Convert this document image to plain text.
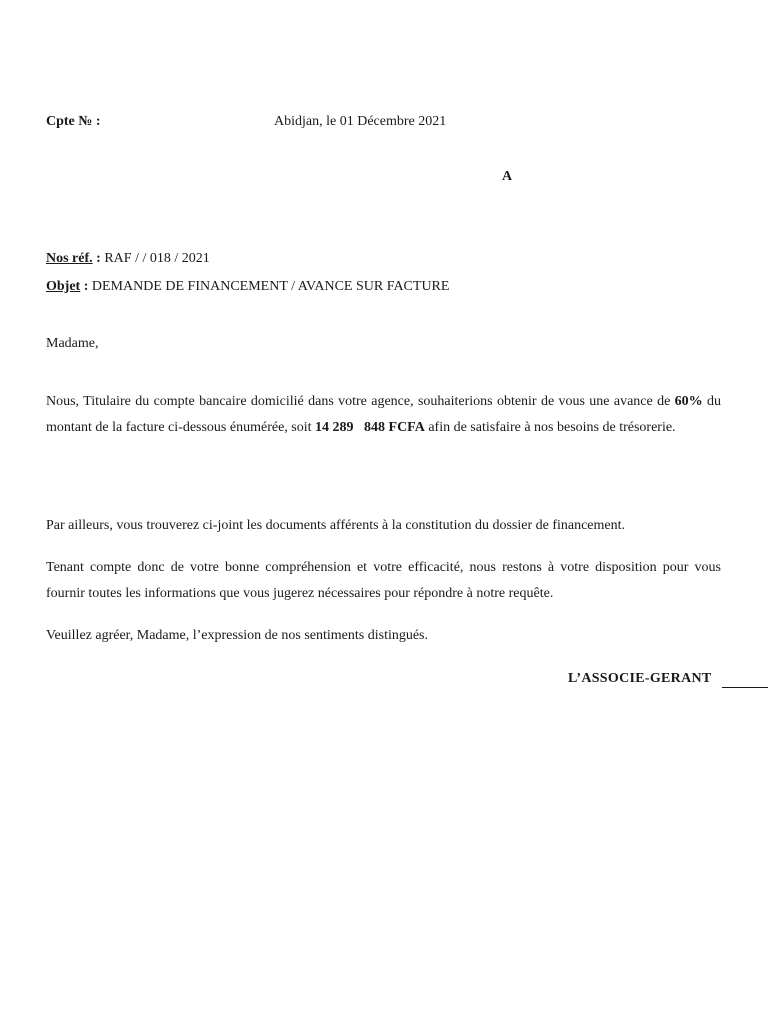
Cpte № :	Abidjan, le 01 Décembre 2021
A
Nos réf. : RAF / / 018 / 2021
Objet : DEMANDE DE FINANCEMENT / AVANCE SUR FACTURE
Madame,
Nous, Titulaire du compte bancaire domicilié dans votre agence, souhaiterions obtenir de vous une avance de 60% du montant de la facture ci-dessous énumérée, soit 14 289   848 FCFA afin de satisfaire à nos besoins de trésorerie.
Par ailleurs, vous trouverez ci-joint les documents afférents à la constitution du dossier de financement.
Tenant compte donc de votre bonne compréhension et votre efficacité, nous restons à votre disposition pour vous fournir toutes les informations que vous jugerez nécessaires pour répondre à notre requête.
Veuillez agréer, Madame, l’expression de nos sentiments distingués.
L’ASSOCIE-GERANT
